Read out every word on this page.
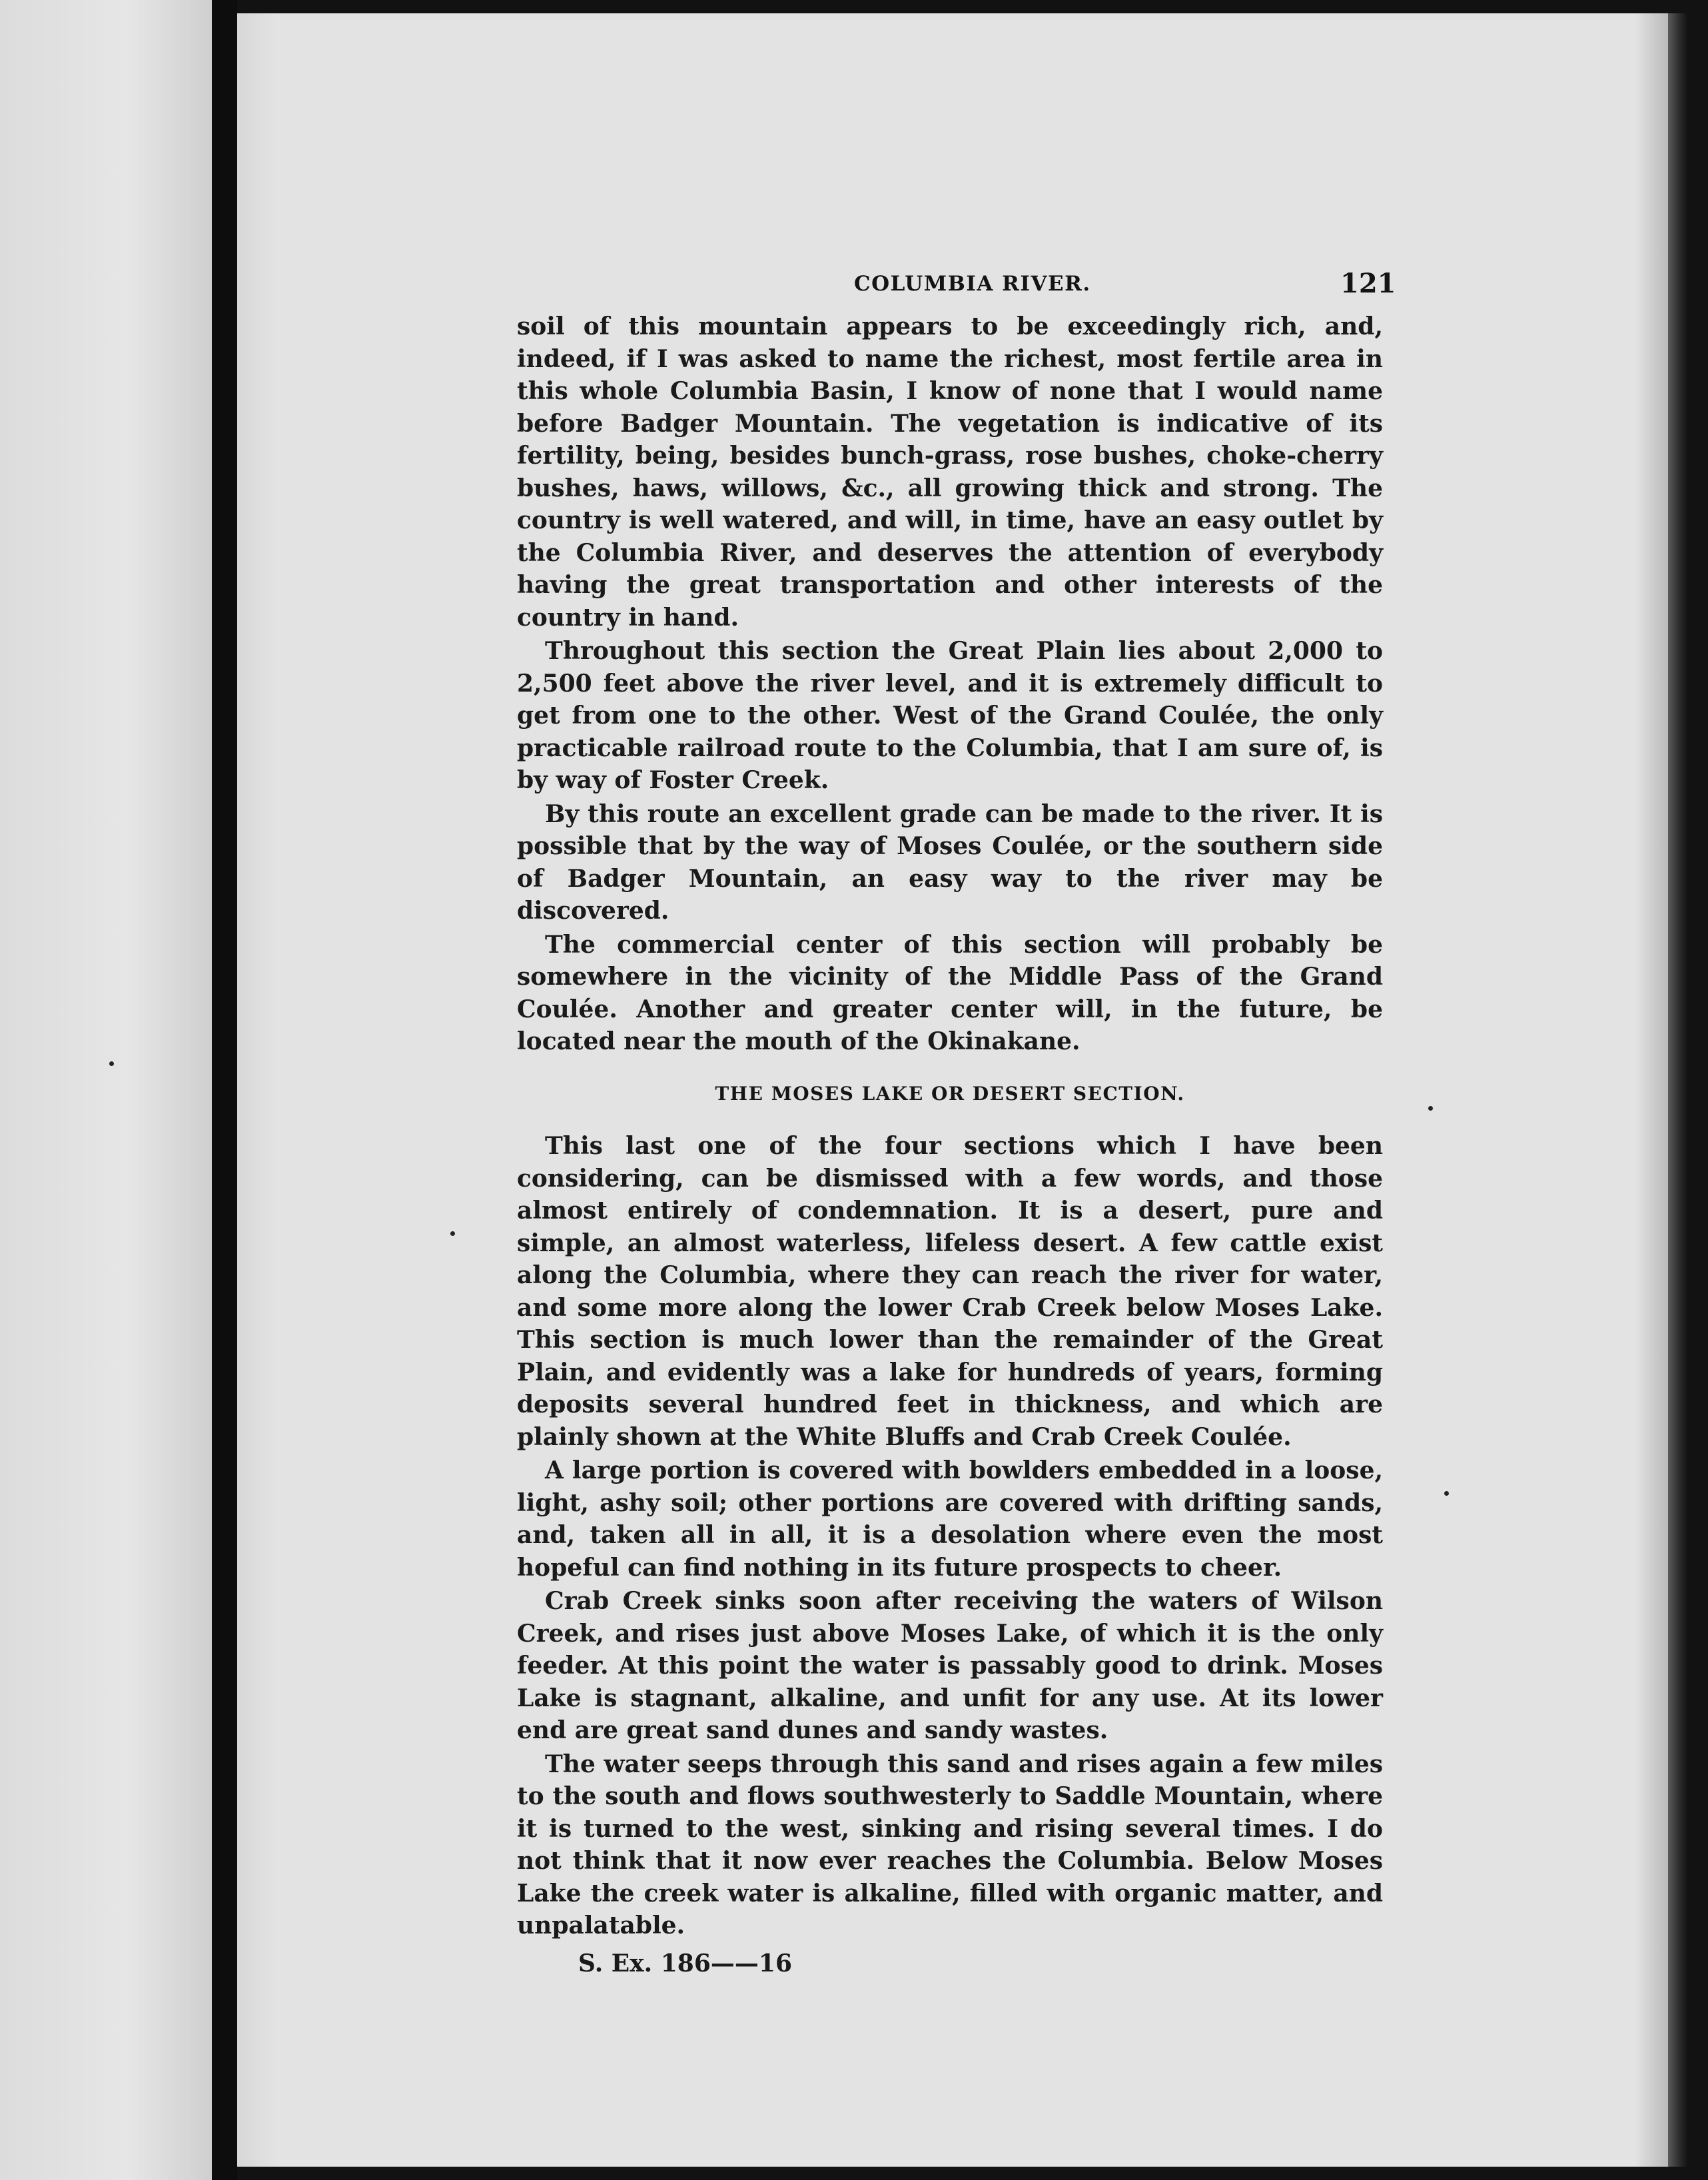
COLUMBIA RIVER.	121

soil of this mountain appears to be exceedingly rich, and, indeed, if I was asked to name the richest, most fertile area in this whole Columbia Basin, I know of none that I would name before Badger Mountain. The vegetation is indicative of its fertility, being, besides bunch-grass, rose bushes, choke-cherry bushes, haws, willows, &c., all growing thick and strong. The country is well watered, and will, in time, have an easy outlet by the Columbia River, and deserves the attention of everybody having the great transportation and other interests of the country in hand.

Throughout this section the Great Plain lies about 2,000 to 2,500 feet above the river level, and it is extremely difficult to get from one to the other. West of the Grand Coulée, the only practicable railroad route to the Columbia, that I am sure of, is by way of Foster Creek.

By this route an excellent grade can be made to the river. It is possible that by the way of Moses Coulée, or the southern side of Badger Mountain, an easy way to the river may be discovered.

The commercial center of this section will probably be somewhere in the vicinity of the Middle Pass of the Grand Coulée. Another and greater center will, in the future, be located near the mouth of the Okinakane.

THE MOSES LAKE OR DESERT SECTION.

This last one of the four sections which I have been considering, can be dismissed with a few words, and those almost entirely of condemnation. It is a desert, pure and simple, an almost waterless, lifeless desert. A few cattle exist along the Columbia, where they can reach the river for water, and some more along the lower Crab Creek below Moses Lake. This section is much lower than the remainder of the Great Plain, and evidently was a lake for hundreds of years, forming deposits several hundred feet in thickness, and which are plainly shown at the White Bluffs and Crab Creek Coulée.

A large portion is covered with bowlders embedded in a loose, light, ashy soil; other portions are covered with drifting sands, and, taken all in all, it is a desolation where even the most hopeful can find nothing in its future prospects to cheer.

Crab Creek sinks soon after receiving the waters of Wilson Creek, and rises just above Moses Lake, of which it is the only feeder. At this point the water is passably good to drink. Moses Lake is stagnant, alkaline, and unfit for any use. At its lower end are great sand dunes and sandy wastes.

The water seeps through this sand and rises again a few miles to the south and flows southwesterly to Saddle Mountain, where it is turned to the west, sinking and rising several times. I do not think that it now ever reaches the Columbia. Below Moses Lake the creek water is alkaline, filled with organic matter, and unpalatable.

S. Ex. 186——16
